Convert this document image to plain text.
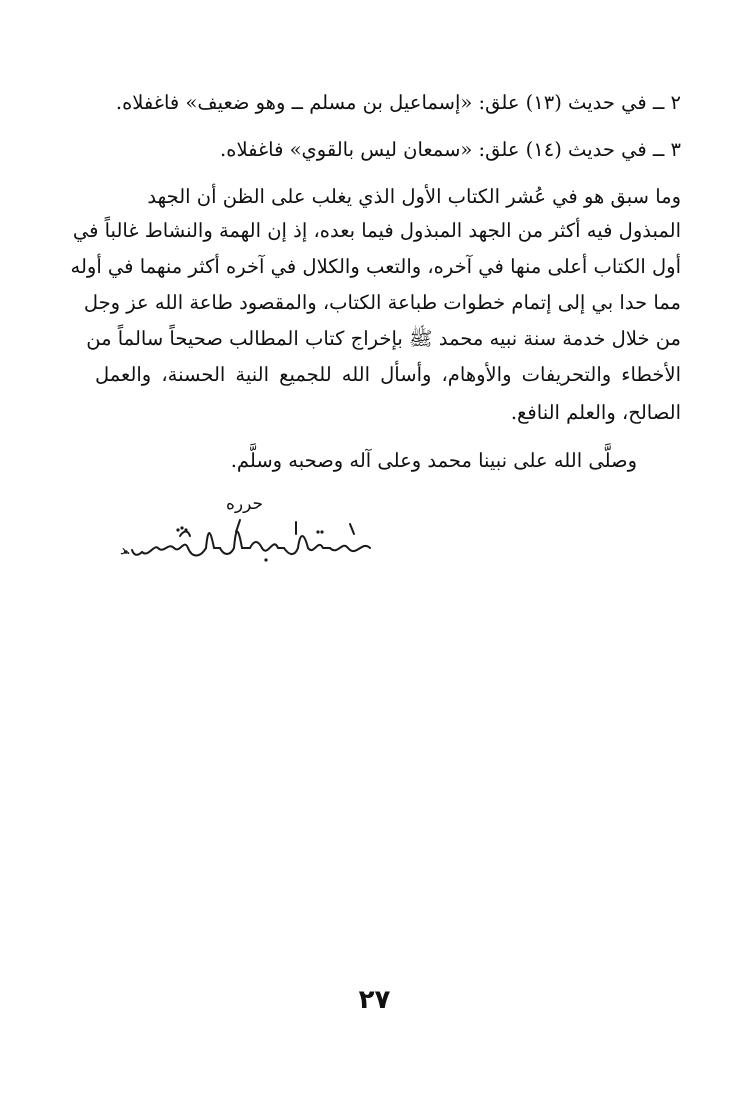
٢ ــ في حديث (١٣) علق: «إسماعيل بن مسلم ــ وهو ضعيف» فاغفلاه.
٣ ــ في حديث (١٤) علق: «سمعان ليس بالقوي» فاغفلاه.
وما سبق هو في عُشر الكتاب الأول الذي يغلب على الظن أن الجهد
المبذول فيه أكثر من الجهد المبذول فيما بعده، إذ إن الهمة والنشاط غالباً في
أول الكتاب أعلى منها في آخره، والتعب والكلال في آخره أكثر منهما في أوله
مما حدا بي إلى إتمام خطوات طباعة الكتاب، والمقصود طاعة الله عز وجل
من خلال خدمة سنة نبيه محمد ﷺ بإخراج كتاب المطالب صحيحاً سالماً من
الأخطاء والتحريفات والأوهام، وأسأل الله للجميع النية الحسنة، والعمل
الصالح، والعلم النافع.
وصلَّى الله على نبينا محمد وعلى آله وصحبه وسلَّم.
حرره
د.
٢٧
